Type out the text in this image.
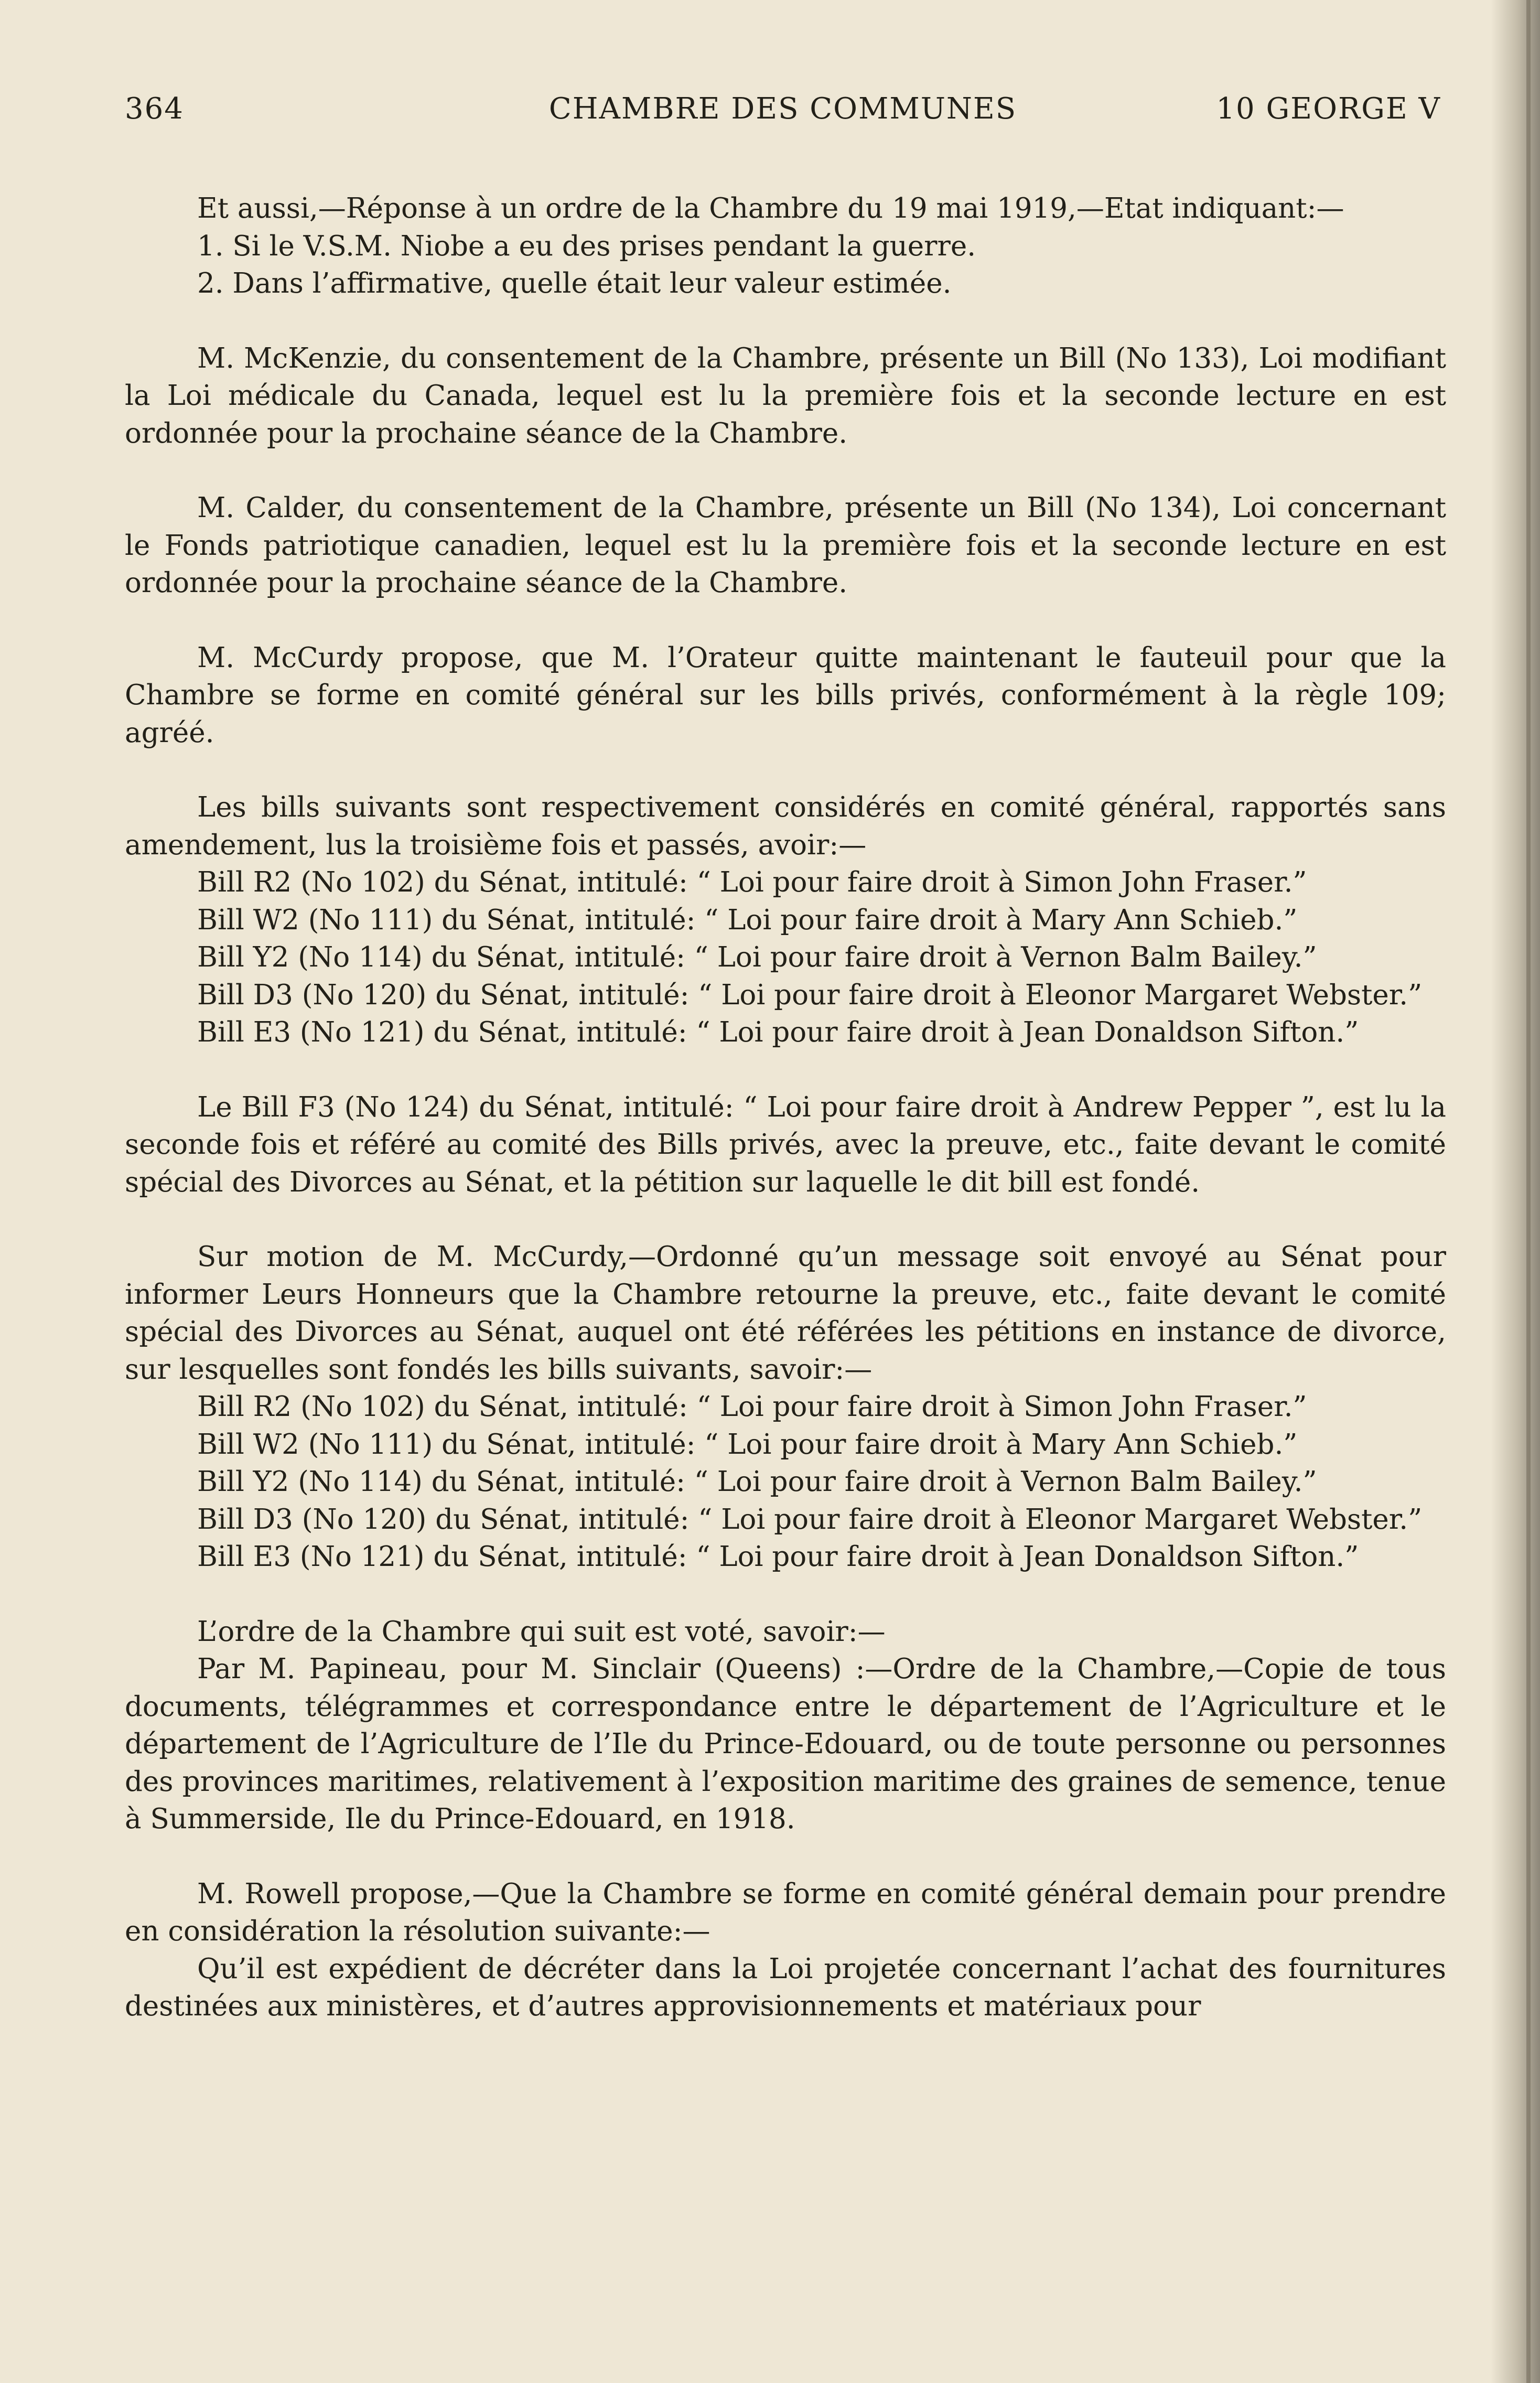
364	CHAMBRE DES COMMUNES	10 GEORGE V

Et aussi,—Réponse à un ordre de la Chambre du 19 mai 1919,—Etat indiquant:—

1. Si le V.S.M. Niobe a eu des prises pendant la guerre.

2. Dans l’affirmative, quelle était leur valeur estimée.

M. McKenzie, du consentement de la Chambre, présente un Bill (No 133), Loi modifiant la Loi médicale du Canada, lequel est lu la première fois et la seconde lecture en est ordonnée pour la prochaine séance de la Chambre.

M. Calder, du consentement de la Chambre, présente un Bill (No 134), Loi concernant le Fonds patriotique canadien, lequel est lu la première fois et la seconde lecture en est ordonnée pour la prochaine séance de la Chambre.

M. McCurdy propose, que M. l’Orateur quitte maintenant le fauteuil pour que la Chambre se forme en comité général sur les bills privés, conformément à la règle 109; agréé.

Les bills suivants sont respectivement considérés en comité général, rapportés sans amendement, lus la troisième fois et passés, avoir:—

Bill R2 (No 102) du Sénat, intitulé: “ Loi pour faire droit à Simon John Fraser.”

Bill W2 (No 111) du Sénat, intitulé: “ Loi pour faire droit à Mary Ann Schieb.”

Bill Y2 (No 114) du Sénat, intitulé: “ Loi pour faire droit à Vernon Balm Bailey.”

Bill D3 (No 120) du Sénat, intitulé: “ Loi pour faire droit à Eleonor Margaret Webster.”

Bill E3 (No 121) du Sénat, intitulé: “ Loi pour faire droit à Jean Donaldson Sifton.”

Le Bill F3 (No 124) du Sénat, intitulé: “ Loi pour faire droit à Andrew Pepper ”, est lu la seconde fois et référé au comité des Bills privés, avec la preuve, etc., faite devant le comité spécial des Divorces au Sénat, et la pétition sur laquelle le dit bill est fondé.

Sur motion de M. McCurdy,—Ordonné qu’un message soit envoyé au Sénat pour informer Leurs Honneurs que la Chambre retourne la preuve, etc., faite devant le comité spécial des Divorces au Sénat, auquel ont été référées les pétitions en instance de divorce, sur lesquelles sont fondés les bills suivants, savoir:—

Bill R2 (No 102) du Sénat, intitulé: “ Loi pour faire droit à Simon John Fraser.”

Bill W2 (No 111) du Sénat, intitulé: “ Loi pour faire droit à Mary Ann Schieb.”

Bill Y2 (No 114) du Sénat, intitulé: “ Loi pour faire droit à Vernon Balm Bailey.”

Bill D3 (No 120) du Sénat, intitulé: “ Loi pour faire droit à Eleonor Margaret Webster.”

Bill E3 (No 121) du Sénat, intitulé: “ Loi pour faire droit à Jean Donaldson Sifton.”

L’ordre de la Chambre qui suit est voté, savoir:—

Par M. Papineau, pour M. Sinclair (Queens) :—Ordre de la Chambre,—Copie de tous documents, télégrammes et correspondance entre le département de l’Agriculture et le département de l’Agriculture de l’Ile du Prince-Edouard, ou de toute personne ou personnes des provinces maritimes, relativement à l’exposition maritime des graines de semence, tenue à Summerside, Ile du Prince-Edouard, en 1918.

M. Rowell propose,—Que la Chambre se forme en comité général demain pour prendre en considération la résolution suivante:—

Qu’il est expédient de décréter dans la Loi projetée concernant l’achat des fournitures destinées aux ministères, et d’autres approvisionnements et matériaux pour
